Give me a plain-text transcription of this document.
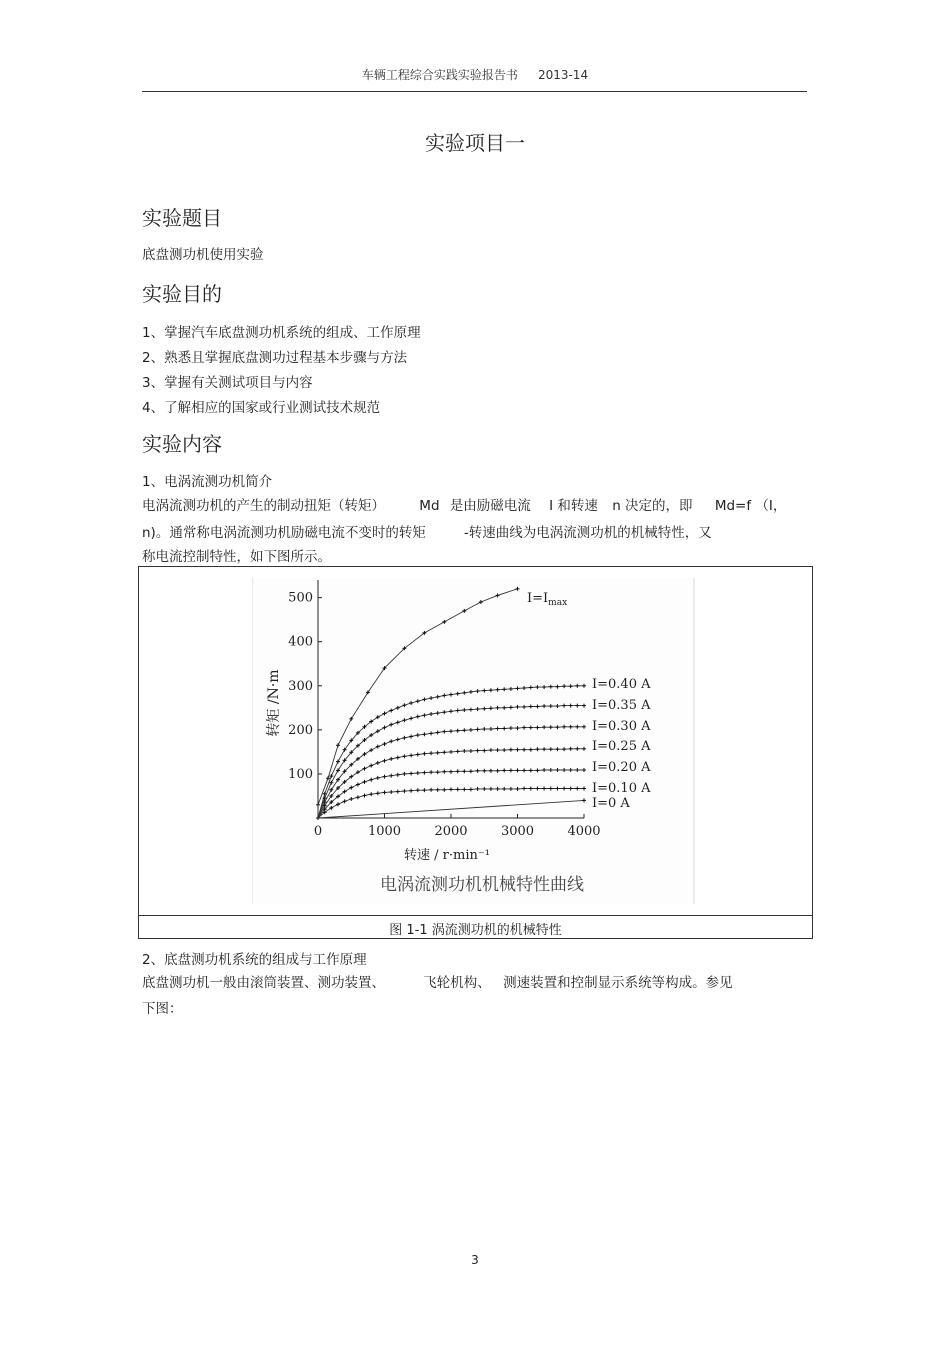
车辆工程综合实践实验报告书 2013-14
实验项目一
实验题目
底盘测功机使用实验
实验目的
1、掌握汽车底盘测功机系统的组成、工作原理
2、熟悉且掌握底盘测功过程基本步骤与方法
3、掌握有关测试项目与内容
4、了解相应的国家或行业测试技术规范
实验内容
1、电涡流测功机简介
电涡流测功机的产生的制动扭矩（转矩）	Md 是由励磁电流 I 和转速 n 决定的，即 Md=f （I，
n)。通常称电涡流测功机励磁电流不变时的转矩	-转速曲线为电涡流测功机的机械特性，又
称电流控制特性，如下图所示。
0	1000	2000	3000	4000
100
200
300
400
500	$I=I_{max}$
I=0.40 A
I=0.35 A
I=0.30 A
I=0.25 A
I=0.20 A
I=0.10 A
I=0 A
转矩 /N·m
转速 / r·min⁻¹
电涡流测功机机械特性曲线
图 1-1 涡流测功机的机械特性
2、底盘测功机系统的组成与工作原理
底盘测功机一般由滚筒装置、测功装置、	飞轮机构、 测速装置和控制显示系统等构成。参见
下图：
3
